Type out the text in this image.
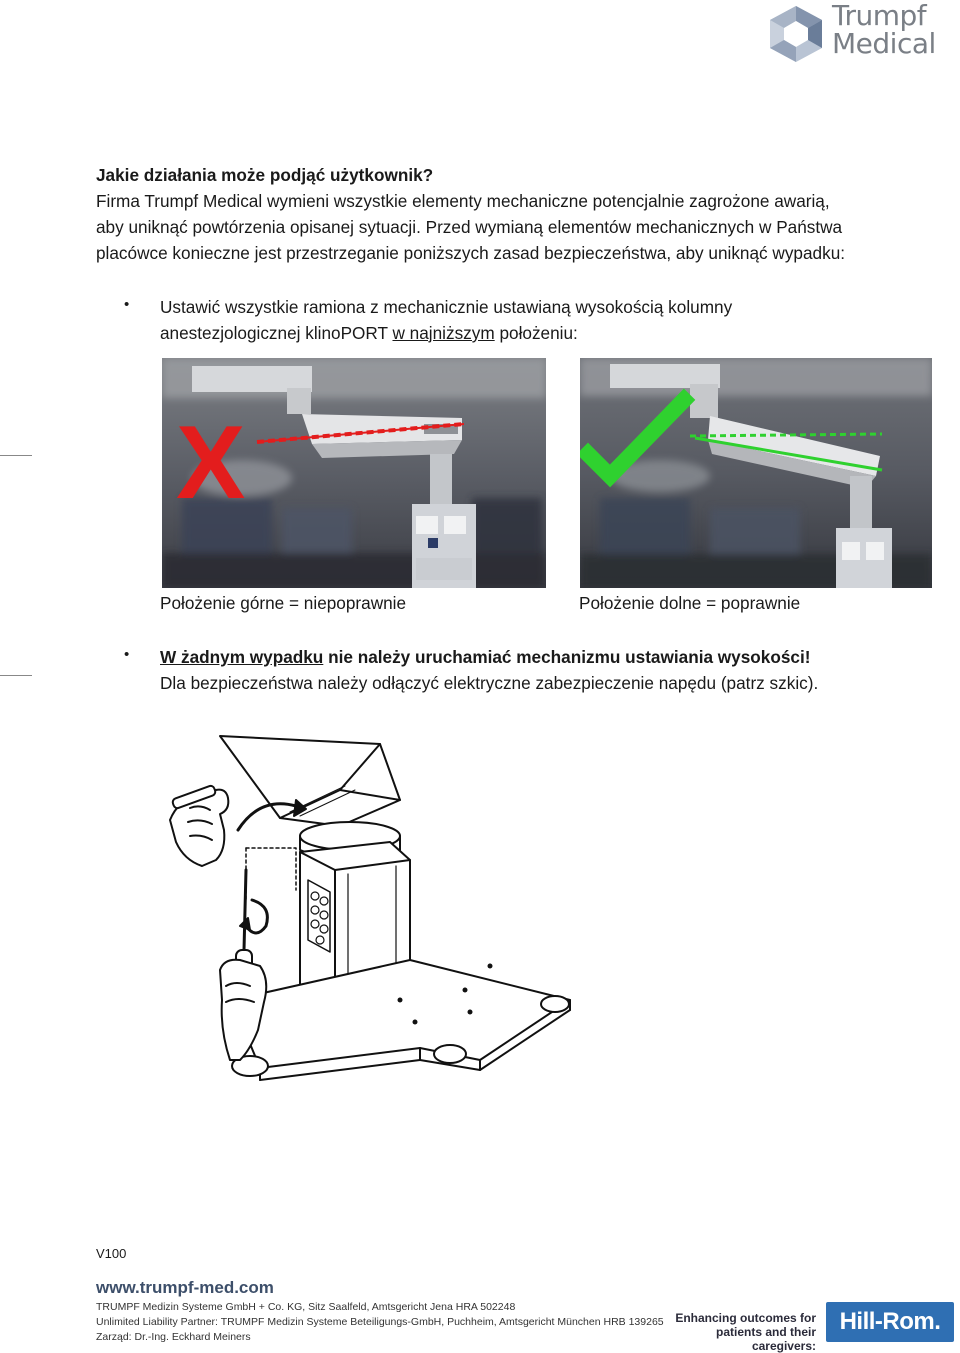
Trumpf
Medical
Jakie działania może podjąć użytkownik?
Firma Trumpf Medical wymieni wszystkie elementy mechaniczne potencjalnie zagrożone awarią,
aby uniknąć powtórzenia opisanej sytuacji. Przed wymianą elementów mechanicznych w Państwa
placówce konieczne jest przestrzeganie poniższych zasad bezpieczeństwa, aby uniknąć wypadku:
• Ustawić wszystkie ramiona z mechanicznie ustawianą wysokością kolumny
anestezjologicznej klinoPORT w najniższym położeniu:
X
Położenie górne = niepoprawnie	Położenie dolne = poprawnie
• W żadnym wypadku nie należy uruchamiać mechanizmu ustawiania wysokości!
Dla bezpieczeństwa należy odłączyć elektryczne zabezpieczenie napędu (patrz szkic).
V100
www.trumpf-med.com
TRUMPF Medizin Systeme GmbH + Co. KG, Sitz Saalfeld, Amtsgericht Jena HRA 502248
Unlimited Liability Partner: TRUMPF Medizin Systeme Beteiligungs-GmbH, Puchheim, Amtsgericht München HRB 139265
Zarząd: Dr.-Ing. Eckhard Meiners
Enhancing outcomes for
patients and their caregivers:
Hill-Rom.
